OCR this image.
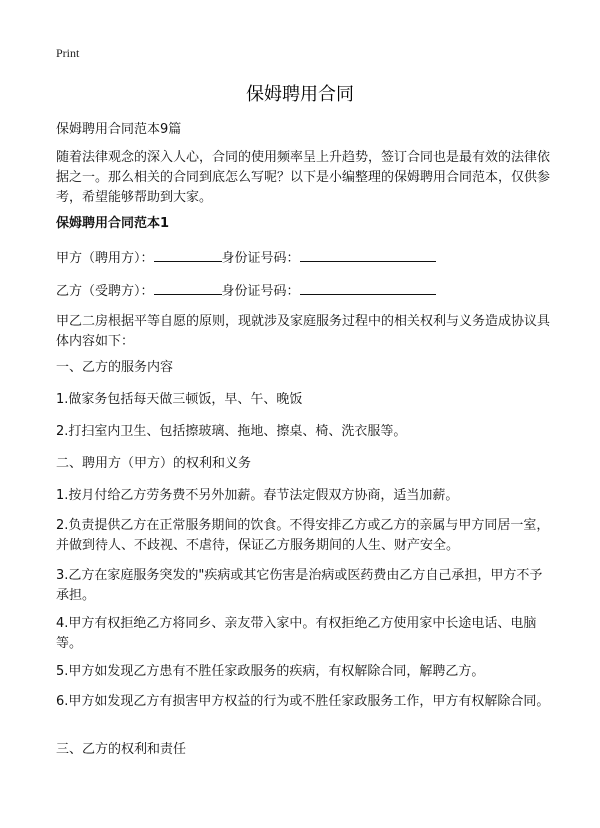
Print
保姆聘用合同
保姆聘用合同范本9篇
随着法律观念的深入人心，合同的使用频率呈上升趋势，签订合同也是最有效的法律依据之一。那么相关的合同到底怎么写呢？以下是小编整理的保姆聘用合同范本，仅供参考，希望能够帮助到大家。
保姆聘用合同范本1
甲方（聘用方）：	身份证号码：
乙方（受聘方）：	身份证号码：
甲乙二房根据平等自愿的原则，现就涉及家庭服务过程中的相关权利与义务造成协议具体内容如下：
一、乙方的服务内容
1.做家务包括每天做三顿饭，早、午、晚饭
2.打扫室内卫生、包括擦玻璃、拖地、擦桌、椅、洗衣服等。
二、聘用方（甲方）的权利和义务
1.按月付给乙方劳务费不另外加薪。春节法定假双方协商，适当加薪。
2.负责提供乙方在正常服务期间的饮食。不得安排乙方或乙方的亲属与甲方同居一室，并做到待人、不歧视、不虐待，保证乙方服务期间的人生、财产安全。
3.乙方在家庭服务突发的"疾病或其它伤害是治病或医药费由乙方自己承担，甲方不予承担。
4.甲方有权拒绝乙方将同乡、亲友带入家中。有权拒绝乙方使用家中长途电话、电脑等。
5.甲方如发现乙方患有不胜任家政服务的疾病，有权解除合同，解聘乙方。
6.甲方如发现乙方有损害甲方权益的行为或不胜任家政服务工作，甲方有权解除合同。
三、乙方的权利和责任
